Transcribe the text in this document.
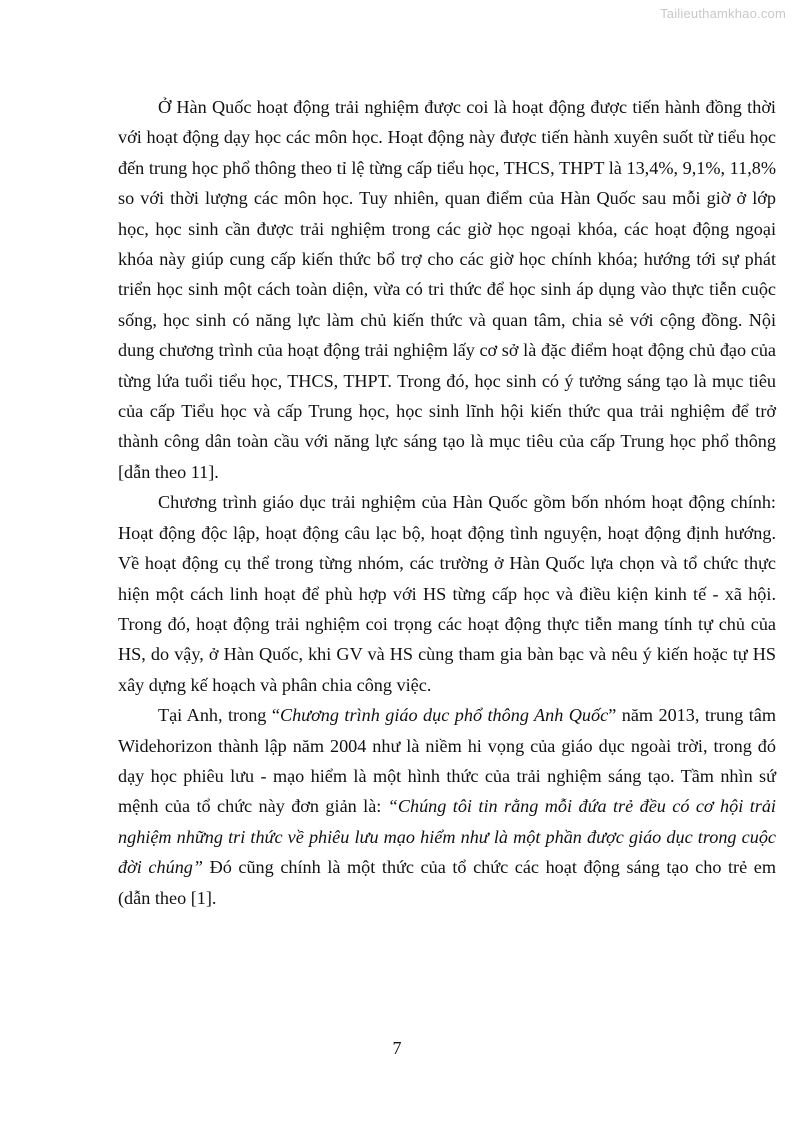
Tailieuthamkhao.com

Ở Hàn Quốc hoạt động trải nghiệm được coi là hoạt động được tiến hành đồng thời với hoạt động dạy học các môn học. Hoạt động này được tiến hành xuyên suốt từ tiểu học đến trung học phổ thông theo tỉ lệ từng cấp tiểu học, THCS, THPT là 13,4%, 9,1%, 11,8% so với thời lượng các môn học. Tuy nhiên, quan điểm của Hàn Quốc sau mỗi giờ ở lớp học, học sinh cần được trải nghiệm trong các giờ học ngoại khóa, các hoạt động ngoại khóa này giúp cung cấp kiến thức bổ trợ cho các giờ học chính khóa; hướng tới sự phát triển học sinh một cách toàn diện, vừa có tri thức để học sinh áp dụng vào thực tiễn cuộc sống, học sinh có năng lực làm chủ kiến thức và quan tâm, chia sẻ với cộng đồng. Nội dung chương trình của hoạt động trải nghiệm lấy cơ sở là đặc điểm hoạt động chủ đạo của từng lứa tuổi tiểu học, THCS, THPT. Trong đó, học sinh có ý tưởng sáng tạo là mục tiêu của cấp Tiểu học và cấp Trung học, học sinh lĩnh hội kiến thức qua trải nghiệm để trở thành công dân toàn cầu với năng lực sáng tạo là mục tiêu của cấp Trung học phổ thông [dẫn theo 11].

Chương trình giáo dục trải nghiệm của Hàn Quốc gồm bốn nhóm hoạt động chính: Hoạt động độc lập, hoạt động câu lạc bộ, hoạt động tình nguyện, hoạt động định hướng. Về hoạt động cụ thể trong từng nhóm, các trường ở Hàn Quốc lựa chọn và tổ chức thực hiện một cách linh hoạt để phù hợp với HS từng cấp học và điều kiện kinh tế - xã hội. Trong đó, hoạt động trải nghiệm coi trọng các hoạt động thực tiễn mang tính tự chủ của HS, do vậy, ở Hàn Quốc, khi GV và HS cùng tham gia bàn bạc và nêu ý kiến hoặc tự HS xây dựng kế hoạch và phân chia công việc.

Tại Anh, trong “Chương trình giáo dục phổ thông Anh Quốc” năm 2013, trung tâm Widehorizon thành lập năm 2004 như là niềm hi vọng của giáo dục ngoài trời, trong đó dạy học phiêu lưu - mạo hiểm là một hình thức của trải nghiệm sáng tạo. Tầm nhìn sứ mệnh của tổ chức này đơn giản là: “Chúng tôi tin rằng mỗi đứa trẻ đều có cơ hội trải nghiệm những tri thức về phiêu lưu mạo hiểm như là một phần được giáo dục trong cuộc đời chúng” Đó cũng chính là một thức của tổ chức các hoạt động sáng tạo cho trẻ em (dẫn theo [1].

7
